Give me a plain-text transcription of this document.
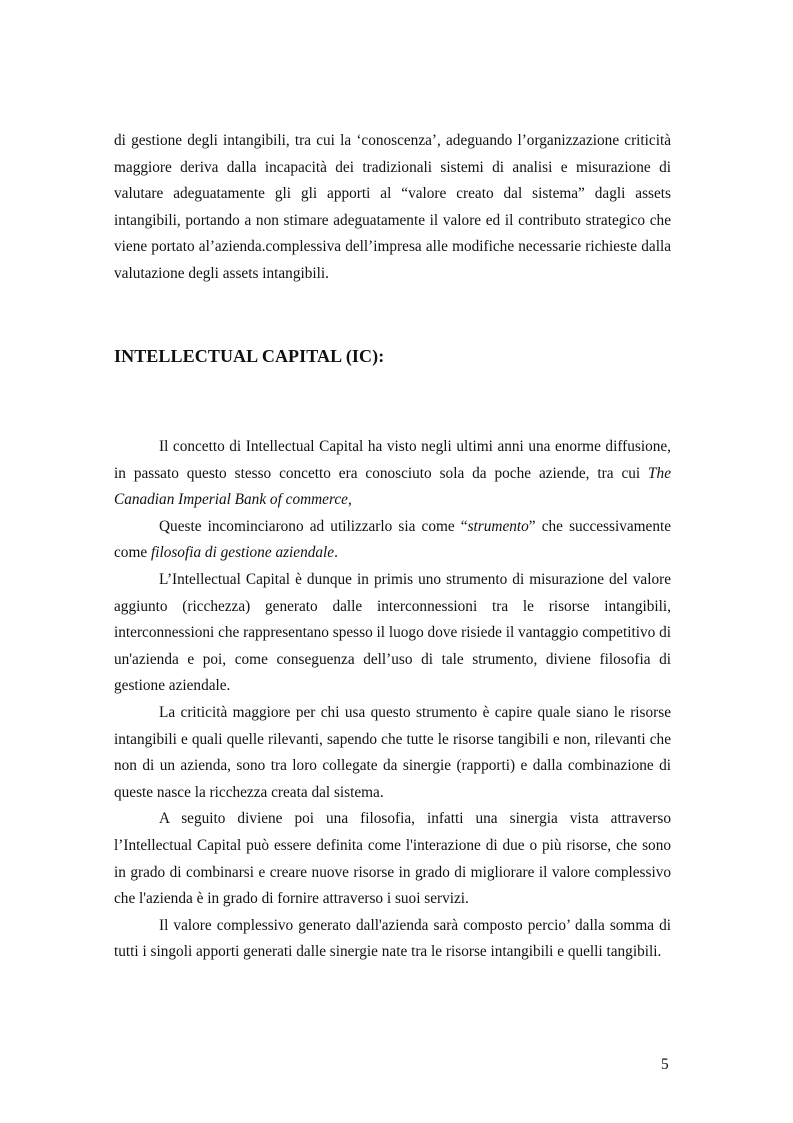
di gestione degli intangibili, tra cui la ‘conoscenza’, adeguando l’organizzazione criticità maggiore deriva dalla incapacità dei tradizionali sistemi di analisi e misurazione di valutare adeguatamente gli gli apporti al “valore creato dal sistema” dagli assets intangibili, portando a non stimare adeguatamente il valore ed il contributo strategico che viene portato al’azienda.complessiva dell’impresa alle modifiche necessarie richieste dalla valutazione degli assets intangibili.

INTELLECTUAL CAPITAL (IC):

Il concetto di Intellectual Capital ha visto negli ultimi anni una enorme diffusione, in passato questo stesso concetto era conosciuto sola da poche aziende, tra cui The Canadian Imperial Bank of commerce,

Queste incominciarono ad utilizzarlo sia come “strumento” che successivamente come filosofia di gestione aziendale.

L’Intellectual Capital è dunque in primis uno strumento di misurazione del valore aggiunto (ricchezza) generato dalle interconnessioni tra le risorse intangibili, interconnessioni che rappresentano spesso il luogo dove risiede il vantaggio competitivo di un'azienda e poi, come conseguenza dell’uso di tale strumento, diviene filosofia di gestione aziendale.

La criticità maggiore per chi usa questo strumento è capire quale siano le risorse intangibili e quali quelle rilevanti, sapendo che tutte le risorse tangibili e non, rilevanti che non di un azienda, sono tra loro collegate da sinergie (rapporti) e dalla combinazione di queste nasce la ricchezza creata dal sistema.

A seguito diviene poi una filosofia, infatti una sinergia vista attraverso l’Intellectual Capital può essere definita come l'interazione di due o più risorse, che sono in grado di combinarsi e creare nuove risorse in grado di migliorare il valore complessivo che l'azienda è in grado di fornire attraverso i suoi servizi.

Il valore complessivo generato dall'azienda sarà composto percio’ dalla somma di tutti i singoli apporti generati dalle sinergie nate tra le risorse intangibili e quelli tangibili.

5
